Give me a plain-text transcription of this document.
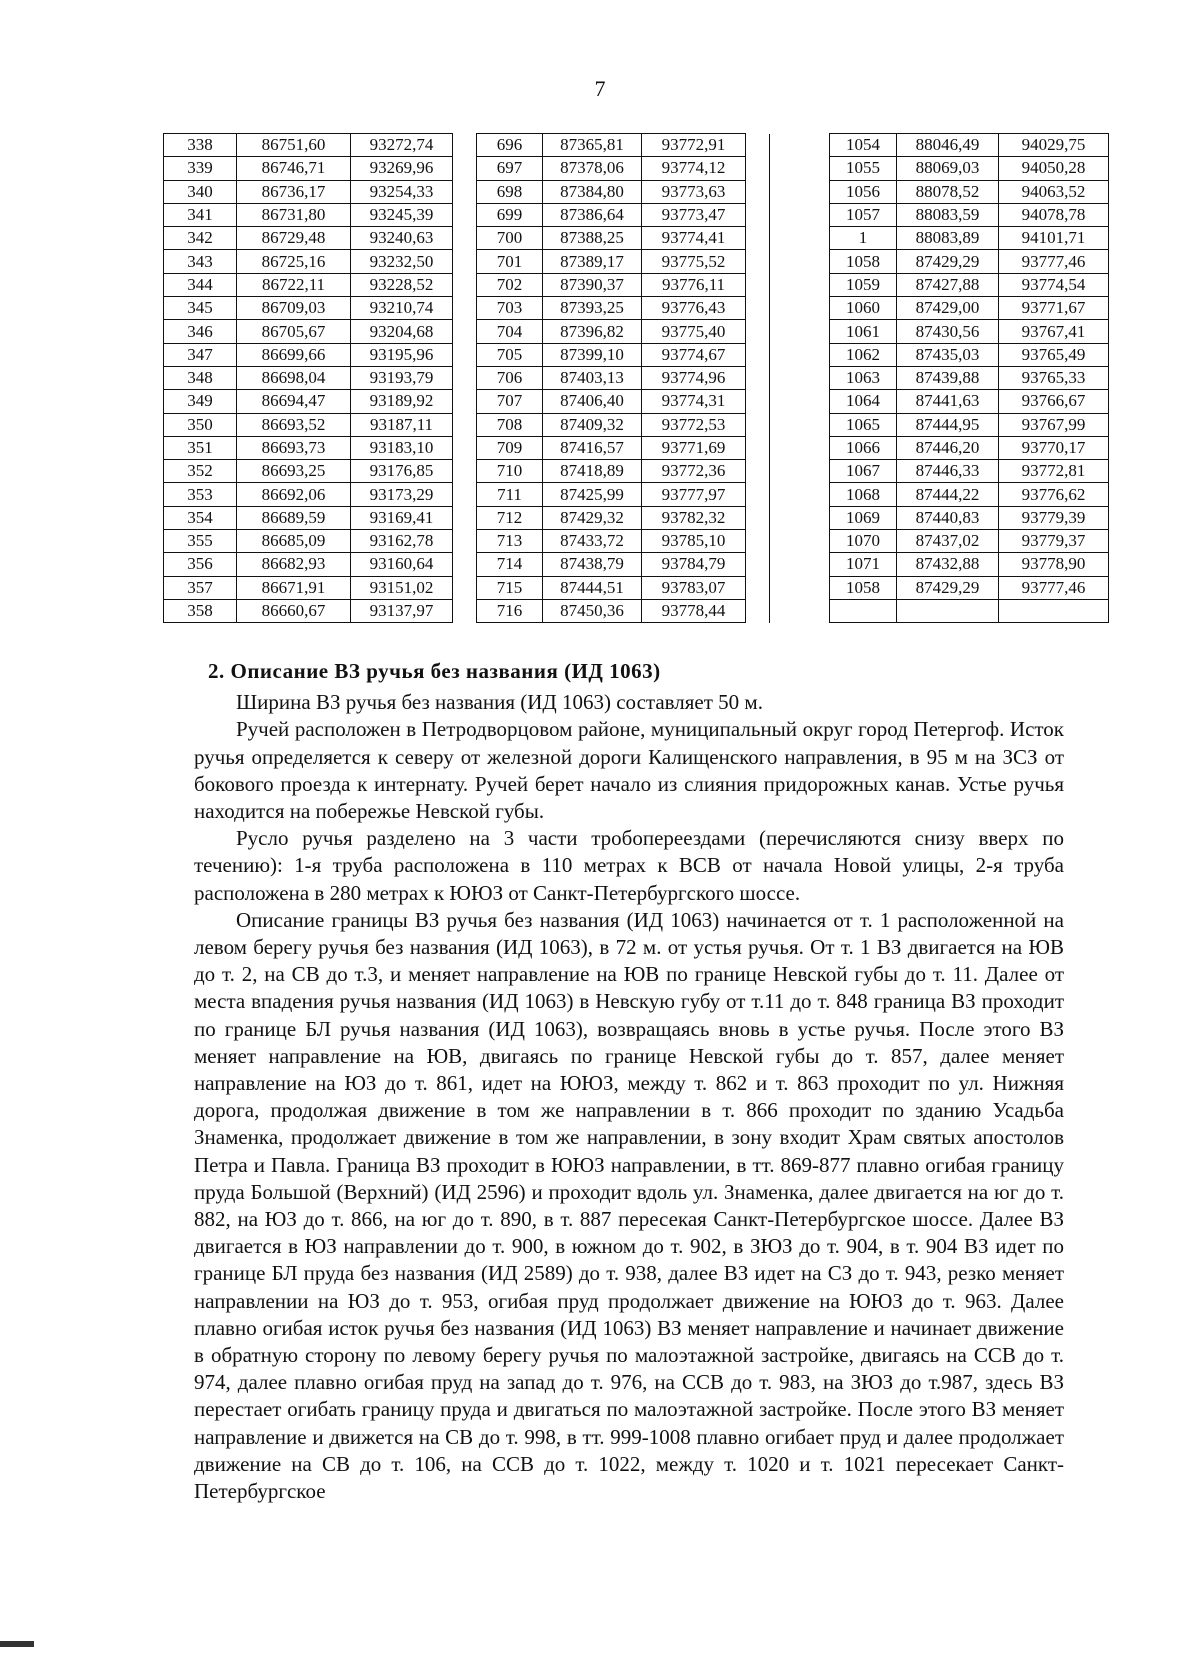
7
338	86751,60	93272,74	
339	86746,71	93269,96	
340	86736,17	93254,33	
341	86731,80	93245,39	
342	86729,48	93240,63	
343	86725,16	93232,50	
344	86722,11	93228,52	
345	86709,03	93210,74	
346	86705,67	93204,68	
347	86699,66	93195,96	
348	86698,04	93193,79	
349	86694,47	93189,92	
350	86693,52	93187,11	
351	86693,73	93183,10	
352	86693,25	93176,85	
353	86692,06	93173,29	
354	86689,59	93169,41	
355	86685,09	93162,78	
356	86682,93	93160,64	
357	86671,91	93151,02	
358	86660,67	93137,97	
696	87365,81	93772,91	
697	87378,06	93774,12	
698	87384,80	93773,63	
699	87386,64	93773,47	
700	87388,25	93774,41	
701	87389,17	93775,52	
702	87390,37	93776,11	
703	87393,25	93776,43	
704	87396,82	93775,40	
705	87399,10	93774,67	
706	87403,13	93774,96	
707	87406,40	93774,31	
708	87409,32	93772,53	
709	87416,57	93771,69	
710	87418,89	93772,36	
711	87425,99	93777,97	
712	87429,32	93782,32	
713	87433,72	93785,10	
714	87438,79	93784,79	
715	87444,51	93783,07	
716	87450,36	93778,44	
1054	88046,49	94029,75
1055	88069,03	94050,28
1056	88078,52	94063,52
1057	88083,59	94078,78
1	88083,89	94101,71
1058	87429,29	93777,46
1059	87427,88	93774,54
1060	87429,00	93771,67
1061	87430,56	93767,41
1062	87435,03	93765,49
1063	87439,88	93765,33
1064	87441,63	93766,67
1065	87444,95	93767,99
1066	87446,20	93770,17
1067	87446,33	93772,81
1068	87444,22	93776,62
1069	87440,83	93779,39
1070	87437,02	93779,37
1071	87432,88	93778,90
1058	87429,29	93777,46

2. Описание ВЗ ручья без названия (ИД 1063)

Ширина ВЗ ручья без названия (ИД 1063) составляет 50 м.

Ручей расположен в Петродворцовом районе, муниципальный округ город Петергоф. Исток ручья определяется к северу от железной дороги Калищенского направления, в 95 м на ЗСЗ от бокового проезда к интернату. Ручей берет начало из слияния придорожных канав. Устье ручья находится на побережье Невской губы.

Русло ручья разделено на 3 части тробопереездами (перечисляются снизу вверх по течению): 1-я труба расположена в 110 метрах к ВСВ от начала Новой улицы, 2-я труба расположена в 280 метрах к ЮЮЗ от Санкт-Петербургского шоссе.

Описание границы ВЗ ручья без названия (ИД 1063) начинается от т. 1 расположенной на левом берегу ручья без названия (ИД 1063), в 72 м. от устья ручья. От т. 1 ВЗ двигается на ЮВ до т. 2, на СВ до т.3, и меняет направление на ЮВ по границе Невской губы до т. 11. Далее от места впадения ручья названия (ИД 1063) в Невскую губу от т.11 до т. 848 граница ВЗ проходит по границе БЛ ручья названия (ИД 1063), возвращаясь вновь в устье ручья. После этого ВЗ меняет направление на ЮВ, двигаясь по границе Невской губы до т. 857, далее меняет направление на ЮЗ до т. 861, идет на ЮЮЗ, между т. 862 и т. 863 проходит по ул. Нижняя дорога, продолжая движение в том же направлении в т. 866 проходит по зданию Усадьба Знаменка, продолжает движение в том же направлении, в зону входит Храм святых апостолов Петра и Павла. Граница ВЗ проходит в ЮЮЗ направлении, в тт. 869-877 плавно огибая границу пруда Большой (Верхний) (ИД 2596) и проходит вдоль ул. Знаменка, далее двигается на юг до т. 882, на ЮЗ до т. 866, на юг до т. 890, в т. 887 пересекая Санкт-Петербургское шоссе. Далее ВЗ двигается в ЮЗ направлении до т. 900, в южном до т. 902, в ЗЮЗ до т. 904, в т. 904 ВЗ идет по границе БЛ пруда без названия (ИД 2589) до т. 938, далее ВЗ идет на СЗ до т. 943, резко меняет направлении на ЮЗ до т. 953, огибая пруд продолжает движение на ЮЮЗ до т. 963. Далее плавно огибая исток ручья без названия (ИД 1063) ВЗ меняет направление и начинает движение в обратную сторону по левому берегу ручья по малоэтажной застройке, двигаясь на ССВ до т. 974, далее плавно огибая пруд на запад до т. 976, на ССВ до т. 983, на ЗЮЗ до т.987, здесь ВЗ перестает огибать границу пруда и двигаться по малоэтажной застройке. После этого ВЗ меняет направление и движется на СВ до т. 998, в тт. 999-1008 плавно огибает пруд и далее продолжает движение на СВ до т. 106, на ССВ до т. 1022, между т. 1020 и т. 1021 пересекает Санкт-Петербургское
